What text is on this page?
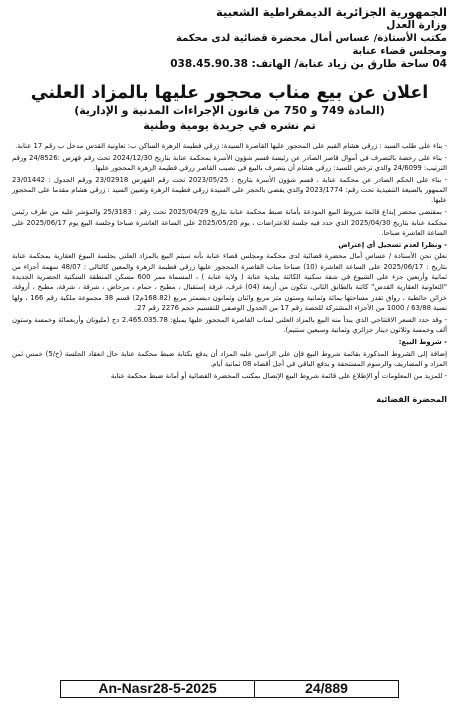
الجمهورية الجزائرية الديمقراطية الشعبية
وزارة العدل
مكتب الأستاذة/ عساس أمال محضرة قضائية لدى محكمة
ومجلس قضاء عنابة
04 ساحة طارق بن زياد عنابة/ الهاتف: 038.45.90.38
اعلان عن بيع مناب محجور عليها بالمزاد العلني
(المادة 749 و 750 من قانون الإجراءات المدنية و الإدارية)
تم نشره في جريدة يومية وطنية

- بناء على طلب السيد : زرقي هشام القيم على المحجور عليها القاصرة السيدة: زرقي فطيمة الزهرة الساكن ب: تعاونية القدس مدخل ب رقم 17 عنابة.

- بناء على رخصة بالتصرف في أموال قاصر الصادر عن رئيسة قسم شؤون الأسرة بمحكمة عنابة بتاريخ 2024/12/30 تحت رقم فهرس :24/8526 ورقم الترتيب: 24/6099 والذي ترخص للسيد: زرقي هشام أن يتصرف بالبيع في نصيب القاصر زرقي فطيمة الزهرة المحجور عليها.

- بناء على الحكم الصادر عن محكمة عنابة ، قسم شؤون الأسرة بتاريخ : 2023/05/25 تحت رقم الفهرس 23/02918 ورقم الجدول : 23/01442 الممهور بالصيغة التنفيذية تحت رقم: 2023/1774 والذي يقضي بالحجر على السيدة زرقي فطيمة الزهرة وتعيين السيد : زرقي هشام مقدما على المحجور عليها.

- بمقتضى محضر إيداع قائمة شروط البيع المودعة بأمانة ضبط محكمة عنابة بتاريخ 2025/04/29 تحت رقم : 25/3183 والمؤشر عليه من طرف رئيس محكمة عنابة بتاريخ 2025/04/30 الذي حدد فيه جلسة للاعتراضات ، يوم 2025/05/20 على الساعة العاشرة صباحا وجلسة البيع يوم 2025/06/17 على الساعة العاشرة صباحا.

- ونظرا لعدم تسجيل أي إعتراض

نعلن نحن الأستاذة / عساس أمال محضرة قضائية لدى محكمة ومجلس قضاء عنابة بأنه سيتم البيع بالمزاد العلني بجلسة البيوع العقارية بمحكمة عنابة بتاريخ : 2025/06/17 على الساعة العاشرة (10) صباحا مناب القاصرة المحجور عليها زرقي فطيمة الزهرة والمعين كالتالي : 48/07 سهمة أجزاء من ثمانية وأربعين جزء على الشيوع في شقة سكنية الكائنة ببلدية عنابة ( ولاية عنابة ) ، المسماة ممر 600 مسكن المنطقة السكنية الحضرية الجديدة "التعاونية العقارية القدس" كائنة بالطابق الثاني، تتكون من أربعة (04) غرف، غرفة إستقبال ، مطبخ ، حمام ، مرحاض ، شرفة ، شرفة، مطبخ ، أروقة، خزائن حائطية ، رواق تقدر مساحتها بمائة وثمانية وستون متر مربع واثنان وثمانون ديسمتر مربع (168.82م2) قسم 38 مجموعة ملكية رقم 166 ، ولها نسبة 63/88 / 1000 من الأجزاء المشتركة للحصة رقم 17 من الجدول الوصفي للتقسيم حجم 2276 رقم 27.

- وقد حدد السعر الافتتاحي الذي يبدأ منه البيع بالمزاد العلني لمناب القاصرة المحجور عليها بمبلغ: 2.465.035.78 دج (مليونان وأربعمائة وخمسة وستون ألف وخمسة وثلاثون دينار جزائري وثمانية وسبعين سنتيم).

- شروط البيع:

إضافة إلى الشروط المذكورة بقائمة شروط البيع فإن على الراسي عليه المزاد أن يدفع بكتابة ضبط محكمة عنابة حال انعقاد الجلسة (خ/5) خمس ثمن المزاد و المصاريف والرسوم المستحقة و يدفع الباقي في أجل أقصاه 08 ثمانية أيام.

- للمزيد من المعلومات أو الإطلاع على قائمة شروط البيع الإتصال بمكتب المحضرة القضائية أو أمانة ضبط محكمة عنابة

المحضرة القضائية
An-Nasr28-5-2025	24/889
